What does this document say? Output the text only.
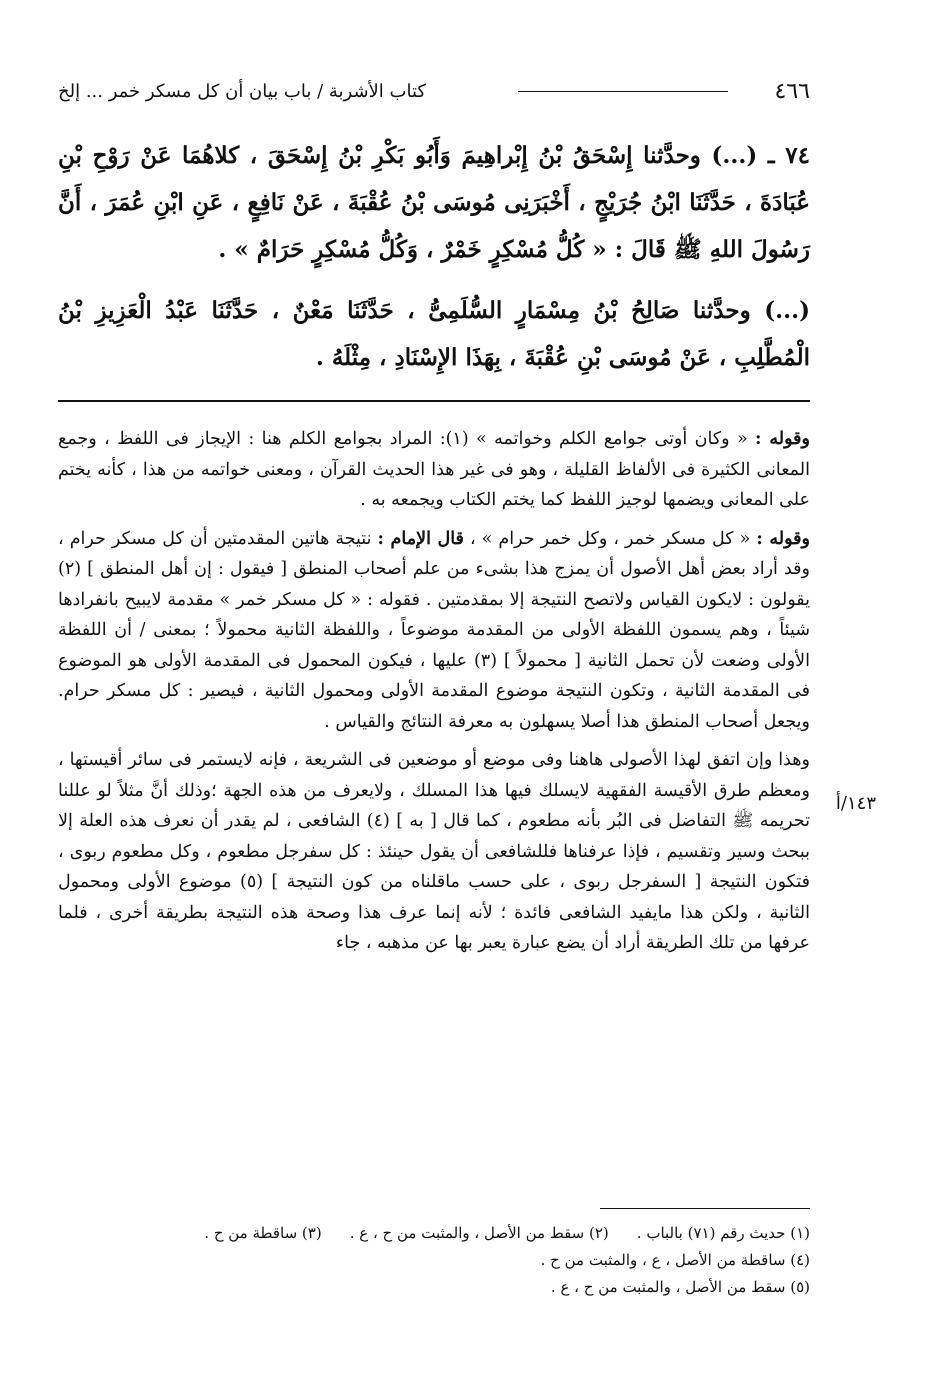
٤٦٦
كتاب الأشربة / باب بيان أن كل مسكر خمر ... إلخ

٧٤ ـ (...) وحدَّثنا إِسْحَقُ بْنُ إِبْراهِيمَ وَأَبُو بَكْرِ بْنُ إِسْحَقَ ، كلاهُمَا عَنْ رَوْحِ بْنِ عُبَادَةَ ، حَدَّثَنَا ابْنُ جُرَيْجٍ ، أَخْبَرَنِى مُوسَى بْنُ عُقْبَةَ ، عَنْ نَافِعٍ ، عَنِ ابْنِ عُمَرَ ، أَنَّ رَسُولَ اللهِ ﷺ قَالَ : « كُلُّ مُسْكِرٍ خَمْرٌ ، وَكُلُّ مُسْكِرٍ حَرَامٌ » .

(...) وحدَّثنا صَالِحُ بْنُ مِسْمَارٍ السُّلَمِىُّ ، حَدَّثَنَا مَعْنٌ ، حَدَّثَنَا عَبْدُ الْعَزِيزِ بْنُ الْمُطَّلِبِ ، عَنْ مُوسَى بْنِ عُقْبَةَ ، بِهَذَا الإِسْنَادِ ، مِثْلَهُ .

وقوله : « وكان أوتى جوامع الكلم وخواتمه » (١): المراد بجوامع الكلم هنا : الإيجاز فى اللفظ ، وجمع المعانى الكثيرة فى الألفاظ القليلة ، وهو فى غير هذا الحديث القرآن ، ومعنى خواتمه من هذا ، كأنه يختم على المعانى ويضمها لوجيز اللفظ كما يختم الكتاب ويجمعه به .

وقوله : « كل مسكر خمر ، وكل خمر حرام » ، قال الإمام : نتيجة هاتين المقدمتين أن كل مسكر حرام ، وقد أراد بعض أهل الأصول أن يمزج هذا بشىء من علم أصحاب المنطق [ فيقول : إن أهل المنطق ] (٢) يقولون : لايكون القياس ولاتصح النتيجة إلا بمقدمتين . فقوله : « كل مسكر خمر » مقدمة لايبيح بانفرادها شيئاً ، وهم يسمون اللفظة الأولى من المقدمة موضوعاً ، واللفظة الثانية محمولاً ؛ بمعنى / أن اللفظة الأولى وضعت لأن تحمل الثانية [ محمولاً ] (٣) عليها ، فيكون المحمول فى المقدمة الأولى هو الموضوع فى المقدمة الثانية ، وتكون النتيجة موضوع المقدمة الأولى ومحمول الثانية ، فيصير : كل مسكر حرام. ويجعل أصحاب المنطق هذا أصلا يسهلون به معرفة النتائج والقياس .

وهذا وإن اتفق لهذا الأصولى هاهنا وفى موضع أو موضعين فى الشريعة ، فإنه لايستمر فى سائر أقيستها ، ومعظم طرق الأقيسة الفقهية لايسلك فيها هذا المسلك ، ولايعرف من هذه الجهة ؛وذلك أنَّ مثلاً لو عللنا تحريمه ﷺ التفاضل فى البُر بأنه مطعوم ، كما قال [ به ] (٤) الشافعى ، لم يقدر أن نعرف هذه العلة إلا ببحث وسير وتقسيم ، فإذا عرفناها فللشافعى أن يقول حينئذ : كل سفرجل مطعوم ، وكل مطعوم ربوى ، فتكون النتيجة [ السفرجل ربوى ، على حسب ماقلناه من كون النتيجة ] (٥) موضوع الأولى ومحمول الثانية ، ولكن هذا مايفيد الشافعى فائدة ؛ لأنه إنما عرف هذا وصحة هذه النتيجة بطريقة أخرى ، فلما عرفها من تلك الطريقة أراد أن يضع عبارة يعبر بها عن مذهبه ، جاء

١٤٣/أ
(١) حديث رقم (٧١) بالباب .
(٢) سقط من الأصل ، والمثبت من ح ، ع .
(٣) ساقطة من ح .
(٤) ساقطة من الأصل ، ع ، والمثبت من ح .
(٥) سقط من الأصل ، والمثبت من ح ، ع .
